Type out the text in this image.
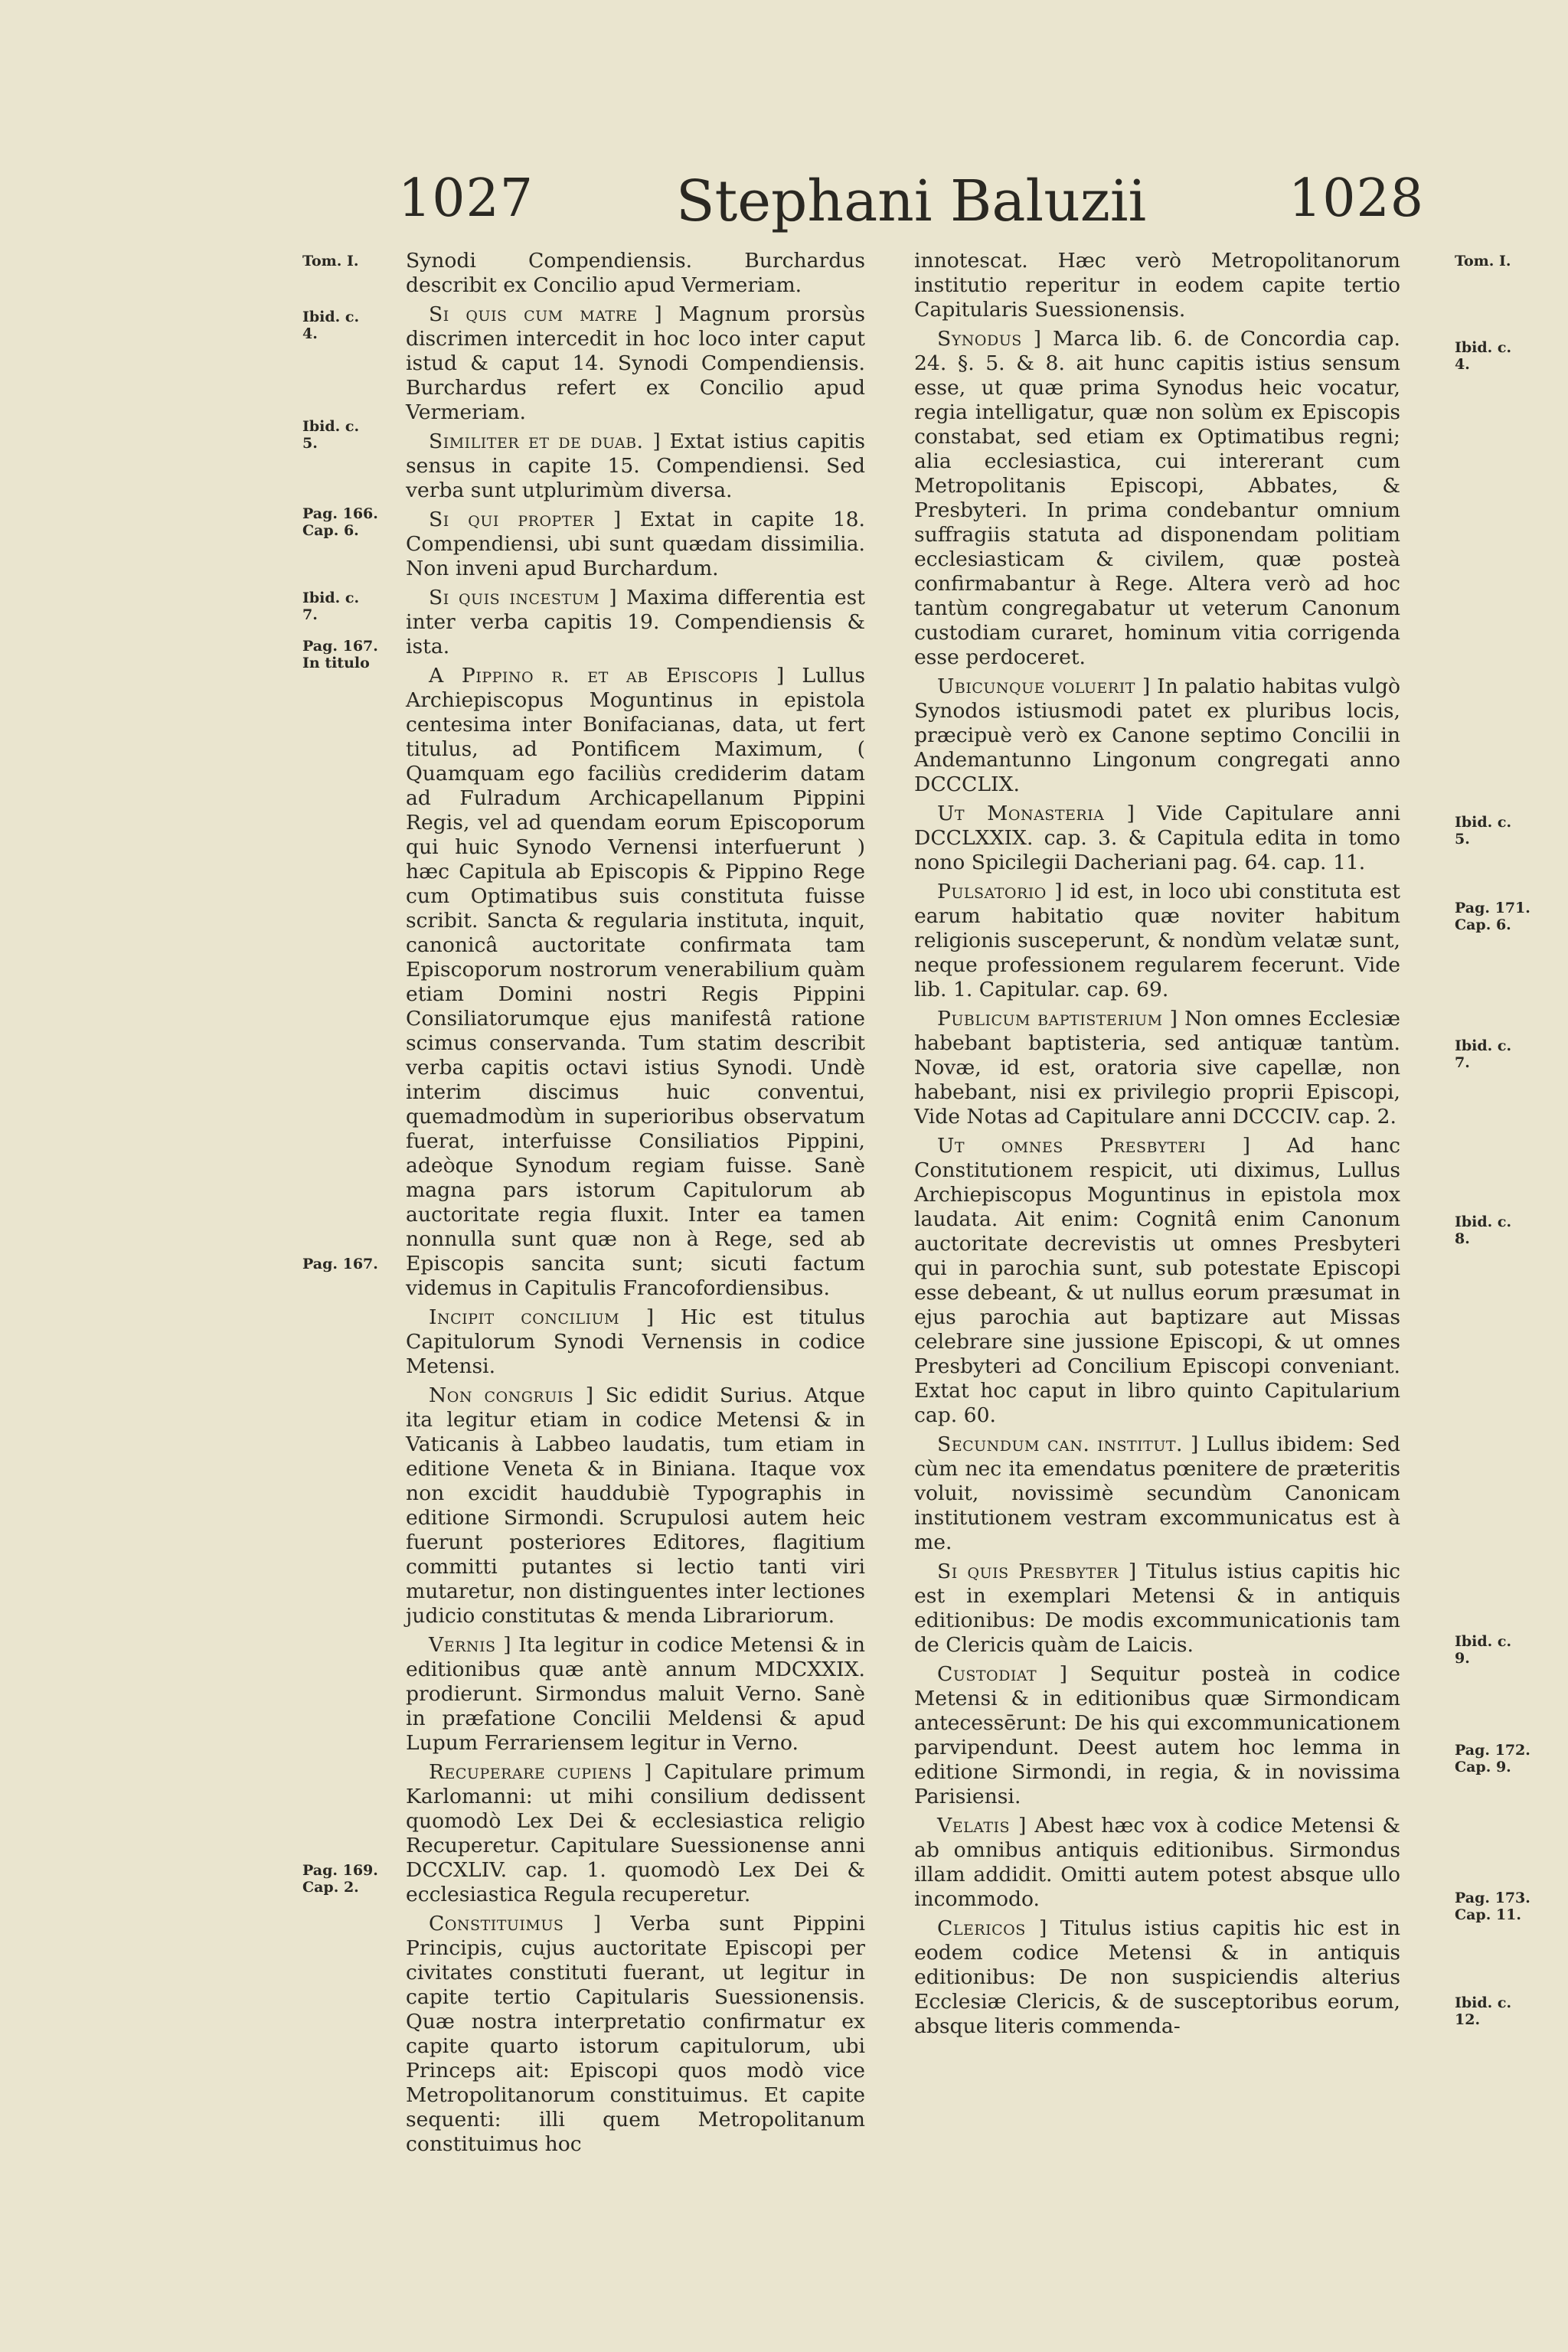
1027	Stephani Baluzii	1028
Tom. I.
Ibid. c. 4.
Ibid. c. 5.
Pag. 166. Cap. 6.
Ibid. c. 7.
Pag. 167. In titulo
Pag. 167.
Pag. 169. Cap. 2.
Tom. I.
Ibid. c. 4.
Ibid. c. 5.
Pag. 171. Cap. 6.
Ibid. c. 7.
Ibid. c. 8.
Ibid. c. 9.
Pag. 172. Cap. 9.
Pag. 173. Cap. 11.
Ibid. c. 12.

Synodi Compendiensis. Burchardus describit ex Concilio apud Vermeriam.

Si quis cum matre ] Magnum prorsùs discrimen intercedit in hoc loco inter caput istud & caput 14. Synodi Compendiensis. Burchardus refert ex Concilio apud Vermeriam.

Similiter et de duab. ] Extat istius capitis sensus in capite 15. Compendiensi. Sed verba sunt utplurimùm diversa.

Si qui propter ] Extat in capite 18. Compendiensi, ubi sunt quædam dissimilia. Non inveni apud Burchardum.

Si quis incestum ] Maxima differentia est inter verba capitis 19. Compendiensis & ista.

A Pippino r. et ab Episcopis ] Lullus Archiepiscopus Moguntinus in epistola centesima inter Bonifacianas, data, ut fert titulus, ad Pontificem Maximum, ( Quamquam ego faciliùs crediderim datam ad Fulradum Archicapellanum Pippini Regis, vel ad quendam eorum Episcoporum qui huic Synodo Vernensi interfuerunt ) hæc Capitula ab Episcopis & Pippino Rege cum Optimatibus suis constituta fuisse scribit. Sancta & regularia instituta, inquit, canonicâ auctoritate confirmata tam Episcoporum nostrorum venerabilium quàm etiam Domini nostri Regis Pippini Consiliatorumque ejus manifestâ ratione scimus conservanda. Tum statim describit verba capitis octavi istius Synodi. Undè interim discimus huic conventui, quemadmodùm in superioribus observatum fuerat, interfuisse Consiliatios Pippini, adeòque Synodum regiam fuisse. Sanè magna pars istorum Capitulorum ab auctoritate regia fluxit. Inter ea tamen nonnulla sunt quæ non à Rege, sed ab Episcopis sancita sunt; sicuti factum videmus in Capitulis Francofordiensibus.

Incipit concilium ] Hic est titulus Capitulorum Synodi Vernensis in codice Metensi.

Non congruis ] Sic edidit Surius. Atque ita legitur etiam in codice Metensi & in Vaticanis à Labbeo laudatis, tum etiam in editione Veneta & in Biniana. Itaque vox non excidit hauddubiè Typographis in editione Sirmondi. Scrupulosi autem heic fuerunt posteriores Editores, flagitium committi putantes si lectio tanti viri mutaretur, non distinguentes inter lectiones judicio constitutas & menda Librariorum.

Vernis ] Ita legitur in codice Metensi & in editionibus quæ antè annum MDCXXIX. prodierunt. Sirmondus maluit Verno. Sanè in præfatione Concilii Meldensi & apud Lupum Ferrariensem legitur in Verno.

Recuperare cupiens ] Capitulare primum Karlomanni: ut mihi consilium dedissent quomodò Lex Dei & ecclesiastica religio Recuperetur. Capitulare Suessionense anni DCCXLIV. cap. 1. quomodò Lex Dei & ecclesiastica Regula recuperetur.

Constituimus ] Verba sunt Pippini Principis, cujus auctoritate Episcopi per civitates constituti fuerant, ut legitur in capite tertio Capitularis Suessionensis. Quæ nostra interpretatio confirmatur ex capite quarto istorum capitulorum, ubi Princeps ait: Episcopi quos modò vice Metropolitanorum constituimus. Et capite sequenti: illi quem Metropolitanum constituimus hoc

innotescat. Hæc verò Metropolitanorum institutio reperitur in eodem capite tertio Capitularis Suessionensis.

Synodus ] Marca lib. 6. de Concordia cap. 24. §. 5. & 8. ait hunc capitis istius sensum esse, ut quæ prima Synodus heic vocatur, regia intelligatur, quæ non solùm ex Episcopis constabat, sed etiam ex Optimatibus regni; alia ecclesiastica, cui intererant cum Metropolitanis Episcopi, Abbates, & Presbyteri. In prima condebantur omnium suffragiis statuta ad disponendam politiam ecclesiasticam & civilem, quæ posteà confirmabantur à Rege. Altera verò ad hoc tantùm congregabatur ut veterum Canonum custodiam curaret, hominum vitia corrigenda esse perdoceret.

Ubicunque voluerit ] In palatio habitas vulgò Synodos istiusmodi patet ex pluribus locis, præcipuè verò ex Canone septimo Concilii in Andemantunno Lingonum congregati anno DCCCLIX.

Ut Monasteria ] Vide Capitulare anni DCCLXXIX. cap. 3. & Capitula edita in tomo nono Spicilegii Dacheriani pag. 64. cap. 11.

Pulsatorio ] id est, in loco ubi constituta est earum habitatio quæ noviter habitum religionis susceperunt, & nondùm velatæ sunt, neque professionem regularem fecerunt. Vide lib. 1. Capitular. cap. 69.

Publicum baptisterium ] Non omnes Ecclesiæ habebant baptisteria, sed antiquæ tantùm. Novæ, id est, oratoria sive capellæ, non habebant, nisi ex privilegio proprii Episcopi, Vide Notas ad Capitulare anni DCCCIV. cap. 2.

Ut omnes Presbyteri ] Ad hanc Constitutionem respicit, uti diximus, Lullus Archiepiscopus Moguntinus in epistola mox laudata. Ait enim: Cognitâ enim Canonum auctoritate decrevistis ut omnes Presbyteri qui in parochia sunt, sub potestate Episcopi esse debeant, & ut nullus eorum præsumat in ejus parochia aut baptizare aut Missas celebrare sine jussione Episcopi, & ut omnes Presbyteri ad Concilium Episcopi conveniant. Extat hoc caput in libro quinto Capitularium cap. 60.

Secundum can. institut. ] Lullus ibidem: Sed cùm nec ita emendatus pœnitere de præteritis voluit, novissimè secundùm Canonicam institutionem vestram excommunicatus est à me.

Si quis Presbyter ] Titulus istius capitis hic est in exemplari Metensi & in antiquis editionibus: De modis excommunicationis tam de Clericis quàm de Laicis.

Custodiat ] Sequitur posteà in codice Metensi & in editionibus quæ Sirmondicam antecessērunt: De his qui excommunicationem parvipendunt. Deest autem hoc lemma in editione Sirmondi, in regia, & in novissima Parisiensi.

Velatis ] Abest hæc vox à codice Metensi & ab omnibus antiquis editionibus. Sirmondus illam addidit. Omitti autem potest absque ullo incommodo.

Clericos ] Titulus istius capitis hic est in eodem codice Metensi & in antiquis editionibus: De non suspiciendis alterius Ecclesiæ Clericis, & de susceptoribus eorum, absque literis commenda-
